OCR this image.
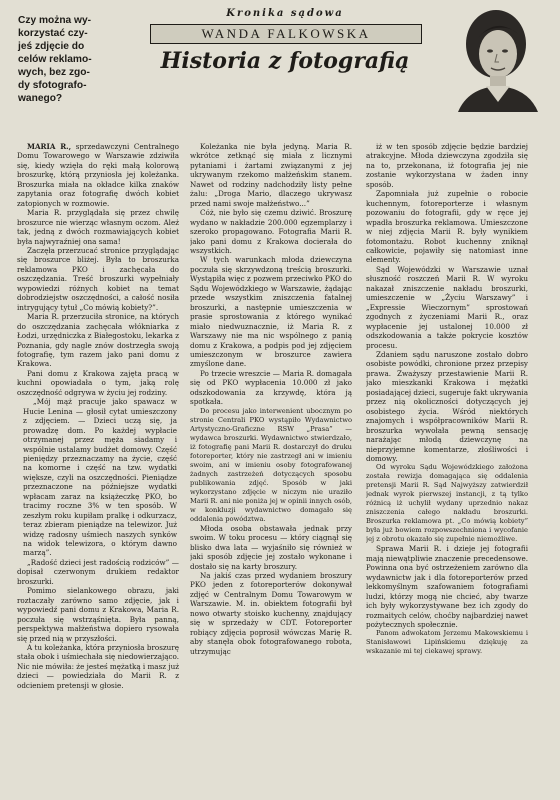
Czy można wy-
korzystać czy-
jeś zdjęcie do
celów reklamo-
wych, bez zgo-
dy sfotografo-
wanego?
Kronika sądowa
WANDA FALKOWSKA
Historia z fotografią

MARIA R., sprzedawczyni Centralnego Domu Towarowego w Warszawie zdziwiła się, kiedy wzięła do ręki małą kolorową broszurkę, którą przyniosła jej koleżanka. Broszurka miała na okładce kilka znaków zapytania oraz fotografię dwóch kobiet zatopionych w rozmowie.

Maria R. przyglądała się przez chwilę broszurce nie wierząc własnym oczom. Ależ tak, jedną z dwóch rozmawiających kobiet była najwyraźniej ona sama!

Zaczęła przerzucać stronice przyglądając się broszurce bliżej. Była to broszurka reklamowa PKO i zachęcała do oszczędzania. Treść broszurki wypełniały wypowiedzi różnych kobiet na temat dobrodziejstw oszczędności, a całość nosiła intrygujący tytuł „Co mówią kobiety?”.

Maria R. przerzuciła stronice, na których do oszczędzania zachęcała włókniarka z Łodzi, urzędniczka z Białegostoku, lekarka z Poznania, gdy nagle znów dostrzegła swoją fotografię, tym razem jako pani domu z Krakowa.

Pani domu z Krakowa zajęta pracą w kuchni opowiadała o tym, jaką rolę oszczędność odgrywa w życiu jej rodziny.

„Mój mąż pracuje jako spawacz w Hucie Lenina — głosił cytat umieszczony z zdjęciem. — Dzieci uczą się, ja prowadzę dom. Po każdej wypłacie otrzymanej przez męża siadamy i wspólnie ustalamy budżet domowy. Część pieniędzy przeznaczamy na życie, część na komorne i część na tzw. wydatki większe, czyli na oszczędności. Pieniądze przeznaczone na późniejsze wydatki wpłacam zaraz na książeczkę PKO, bo tracimy roczne 3% w ten sposób. W zeszłym roku kupiłam pralkę i odkurzacz, teraz zbieram pieniądze na telewizor. Już widzę radosny uśmiech naszych synków na widok telewizora, o którym dawno marzą”.

„Radość dzieci jest radością rodziców” — dopisał czerwonym drukiem redaktor broszurki.

Pomimo sielankowego obrazu, jaki roztaczały zarówno samo zdjęcie, jak i wypowiedź pani domu z Krakowa, Maria R. poczuła się wstrząśnięta. Była panną, perspektywa małżeństwa dopiero rysowała się przed nią w przyszłości.

A tu koleżanka, która przyniosła broszurę stała obok i uśmiechała się niedowierzająco. Nic nie mówiła: że jesteś mężatką i masz już dzieci — powiedziała do Marii R. z odcieniem pretensji w głosie.

Koleżanka nie była jedyną. Maria R. wkrótce zetknąć się miała z licznymi pytaniami i żartami związanymi z jej ukrywanym rzekomo małżeńskim stanem. Nawet od rodziny nadchodziły listy pełne żalu: „Droga Mario, dlaczego ukrywasz przed nami swoje małżeństwo...”

Cóż, nie było się czemu dziwić. Broszurę wydano w nakładzie 200.000 egzemplarzy i szeroko propagowano. Fotografia Marii R. jako pani domu z Krakowa docierała do wszystkich.

W tych warunkach młoda dziewczyna poczuła się skrzywdzoną treścią broszurki. Wystąpiła więc z pozwem przeciwko PKO do Sądu Wojewódzkiego w Warszawie, żądając przede wszystkim zniszczenia fatalnej broszurki, a następnie umieszczenia w prasie sprostowania z którego wynikać miało niedwuznacznie, iż Maria R. z Warszawy nie ma nic wspólnego z panią domu z Krakowa, a podpis pod jej zdjęciem umieszczonym w broszurce zawiera zmyślone dane.

Po trzecie wreszcie — Maria R. domagała się od PKO wypłacenia 10.000 zł jako odszkodowania za krzywdę, która ją spotkała.

Do procesu jako interwenient ubocznym po stronie Centrali PKO wystąpiło Wydawnictwo Artystyczno-Graficzne RSW „Prasa” — wydawca broszurki. Wydawnictwo stwierdzało, iż fotografię pani Marii R. dostarczył do druku fotoreporter, który nie zastrzegł ani w imieniu swoim, ani w imieniu osoby fotografowanej żadnych zastrzeżeń dotyczących sposobu publikowania zdjęć. Sposób w jaki wykorzystano zdjęcie w niczym nie uraziło Marii R. ani nie poniża jej w opinii innych osób, w konkluzji wydawnictwo domagało się oddalenia powództwa.

Młoda osoba obstawała jednak przy swoim. W toku procesu — który ciągnął się blisko dwa lata — wyjaśniło się również w jaki sposób zdjęcie jej zostało wykonane i dostało się na karty broszury.

Na jakiś czas przed wydaniem broszury PKO jeden z fotoreporterów dokonywał zdjęć w Centralnym Domu Towarowym w Warszawie. M. in. obiektem fotografii był nowo otwarty stoisko kuchenny, znajdujący się w sprzedaży w CDT. Fotoreporter robiący zdjęcia poprosił wówczas Marię R. aby stanęła obok fotografowanego robota, utrzymując

iż w ten sposób zdjęcie będzie bardziej atrakcyjne. Młoda dziewczyna zgodziła się na to, przekonana, iż fotografia jej nie zostanie wykorzystana w żaden inny sposób.

Zapomniała już zupełnie o robocie kuchennym, fotoreporterze i własnym pozowaniu do fotografii, gdy w ręce jej wpadła broszurka reklamowa. Umieszczone w niej zdjęcia Marii R. były wynikiem fotomontażu. Robot kuchenny zniknął całkowicie, pojawiły się natomiast inne elementy.

Sąd Wojewódzki w Warszawie uznał słuszność roszczeń Marii R. W wyroku nakazał zniszczenie nakładu broszurki, umieszczenie w „Życiu Warszawy” i „Expressie Wieczornym” sprostowań zgodnych z życzeniami Marii R., oraz wypłacenie jej ustalonej 10.000 zł odszkodowania a także pokrycie kosztów procesu.

Zdaniem sądu naruszone zostało dobro osobiste powódki, chronione przez przepisy prawa. Zważyszy przestawienie Marii R. jako mieszkanki Krakowa i mężatki posiadającej dzieci, sugeruje fakt ukrywania przez nią okoliczności dotyczących jej osobistego życia. Wśród niektórych znajomych i współpracowników Marii R. broszurka wywołała pewną sensację narażając młodą dziewczynę na nieprzyjemne komentarze, złośliwości i domowy.

Od wyroku Sądu Wojewódzkiego założona została rewizja domagająca się oddalenia pretensji Marii R. Sąd Najwyższy zatwierdził jednak wyrok pierwszej instancji, z tą tylko różnicą iż uchylił wydany uprzednio nakaz zniszczenia całego nakładu broszurki. Broszurka reklamowa pt. „Co mówią kobiety” była już bowiem rozpowszechniona i wycofanie jej z obrotu okazało się zupełnie niemożliwe.

Sprawa Marii R. i dzieje jej fotografii mają niewątpliwie znaczenie precedensowe. Powinna ona być ostrzeżeniem zarówno dla wydawnictw jak i dla fotoreporterów przed lekkomyślnym szafowaniem fotografiami ludzi, którzy mogą nie chcieć, aby twarze ich były wykorzystywane bez ich zgody do rozmaitych celów, choćby najbardziej nawet pożytecznych społecznie.

Panom adwokatom Jerzemu Makowskiemu i Stanisławowi Lipińskiemu dziękuję za wskazanie mi tej ciekawej sprawy.
